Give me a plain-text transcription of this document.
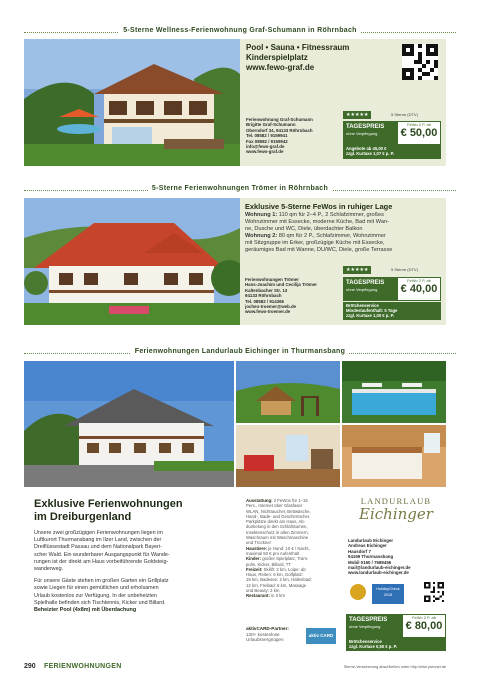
5-Sterne Wellness-Ferienwohnung Graf-Schumann in Röhrnbach
Pool • Sauna • Fitnessraum
Kinderspielplatz
www.fewo-graf.de
★★★★★	5 Sterne (DTV)
Ferienwohnung Graf-Schumann
Brigitte Graf-Schumann
Oberndorf 34, 94133 Röhrnbach
Tel. 08582 / 9159941
Fax 08582 / 9159942
info@fewo-graf.de
www.fewo-graf.de
TAGESPREIS
ohne Verpflegung
FeWo 2 P. ab
€ 50,00
Angebote ab 45,00 €
zzgl. Kurtaxe 1,07 € p. P.
5-Sterne Ferienwohnungen Trömer in Röhrnbach
Exklusive 5-Sterne FeWos in ruhiger Lage
Wohnung 1: 110 qm für 2–4 P., 2 Schlafzimmer, großes
Wohnzimmer mit Essecke, moderne Küche, Bad mit Wan-
ne, Dusche und WC, Diele, überdachter Balkon
Wohnung 2: 80 qm für 2 P., Schlafzimmer, Wohnzimmer
mit Sitzgruppe im Erker, großzügige Küche mit Essecke,
geräumiges Bad mit Wanne, DU/WC, Diele, große Terrasse
★★★★★	5 Sterne (DTV)
Ferienwohnungen Trömer
Hans-Joachim und Cecilija Trömer
Kaltenbacher Str. 13
94133 Röhrnbach
Tel. 08582 / 914365
jochen-troemer@web.de
www.fewo-troemer.de
TAGESPREIS
ohne Verpflegung
FeWo 2 P. ab
€ 40,00
Brötchenservice
Mindestaufenthalt: 5 Tage
zzgl. Kurtaxe 1,00 € p. P.
Ferienwohnungen Landurlaub Eichinger in Thurmansbang
Exklusive Ferienwohnungen
im Dreiburgenland
Unsere zwei großzügigen Ferienwohnungen liegen im
Luftkurort Thurmansbang im Ilzer Land, zwischen der
Dreiflüssestadt Passau und dem Nationalpark Bayeri-
scher Wald. Ein wunderbarer Ausgangspunkt für Wande-
rungen ist der direkt am Haus vorbeiführende Goldsteig-
wanderweg.
Für unsere Gäste stehen im großen Garten ein Grillplatz
sowie Liegen für einen gemütlichen und erholsamen
Urlaub kostenlos zur Verfügung. In der unbeheizten
Spielhalle befinden sich Tischtennis, Kicker und Billard.
Beheizter Pool (4x8m) mit Überdachung
Ausstattung: 2 FeWos für 1–15
Pers., Internet über Glasfaser
WLAN, Nichtraucher, Bettwäsche,
Hand-, Bade- und Geschirrtücher,
Parkplätze direkt am Haus, Ab-
dunkelung in den Schlafräumen,
Insektenschutz in allen Zimmern,
Waschraum mit Waschmaschine
und Trockner
Haustiere: je Hund: 10 € / Nacht,
maximal 50 € pro Aufenthalt
Kinder: großer Spielplatz, Tram-
polin, Kicker, Billard, TT
Freizeit: Skilift: 2 km, Loipe: ab
Haus, Reiten: 6 km, Golfplatz:
15 km, Badesee: 2 km, Hallenbad:
12 km, Freibad: 6 km, Massage
und Beauty: 2 km
Restaurant: in 3 km
aktivCARD-Partner:
130+ kostenlose
Urlaubsvergnügen
aktiv CARD
LANDURLAUB
Eichinger
Landurlaub Eichinger
Andreas Eichinger
Hausdorf 7
94169 Thurmansbang
Mobil 0160 / 7689456
mail@landurlaub-eichinger.de
www.landurlaub-eichinger.de
HolidayCheck
2018
TAGESPREIS
ohne Verpflegung
FeWo 2 P. ab
€ 80,00
Brötchenservice
zzgl. Kurtaxe 0,50 € p. P.
290 FERIENWOHNUNGEN	Sterne-Versicherung abschließen unter http://eise.putonet.de
